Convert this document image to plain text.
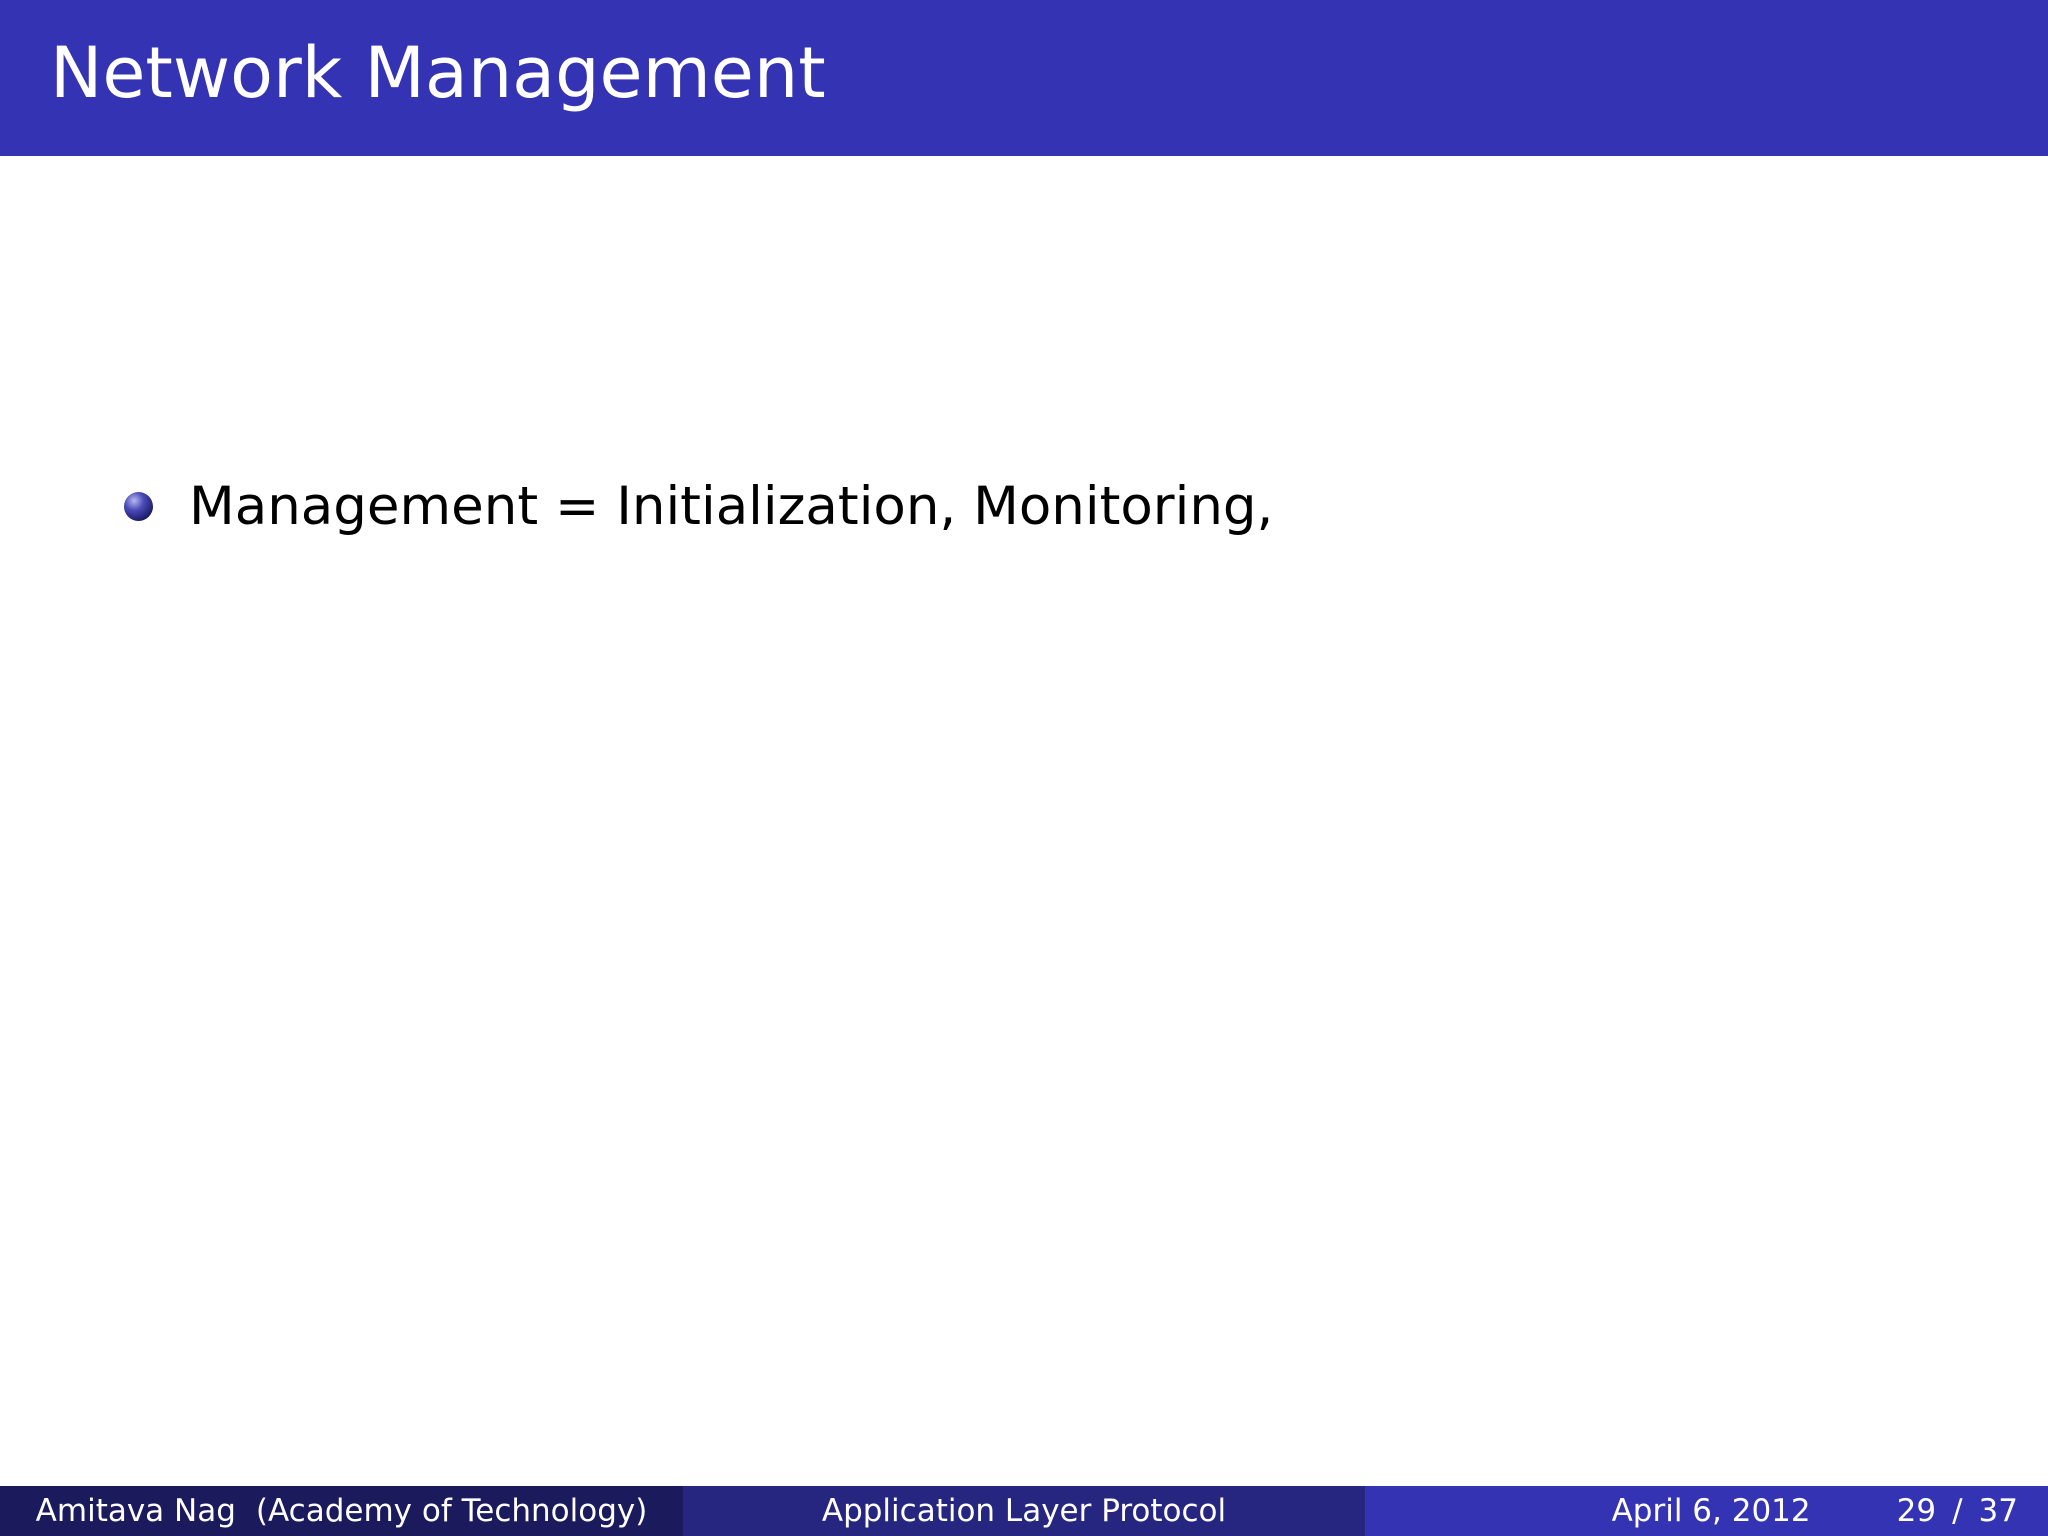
Network Management
Management = Initialization, Monitoring,
Amitava Nag (Academy of Technology)	Application Layer Protocol	April 6, 2012	29 / 37
